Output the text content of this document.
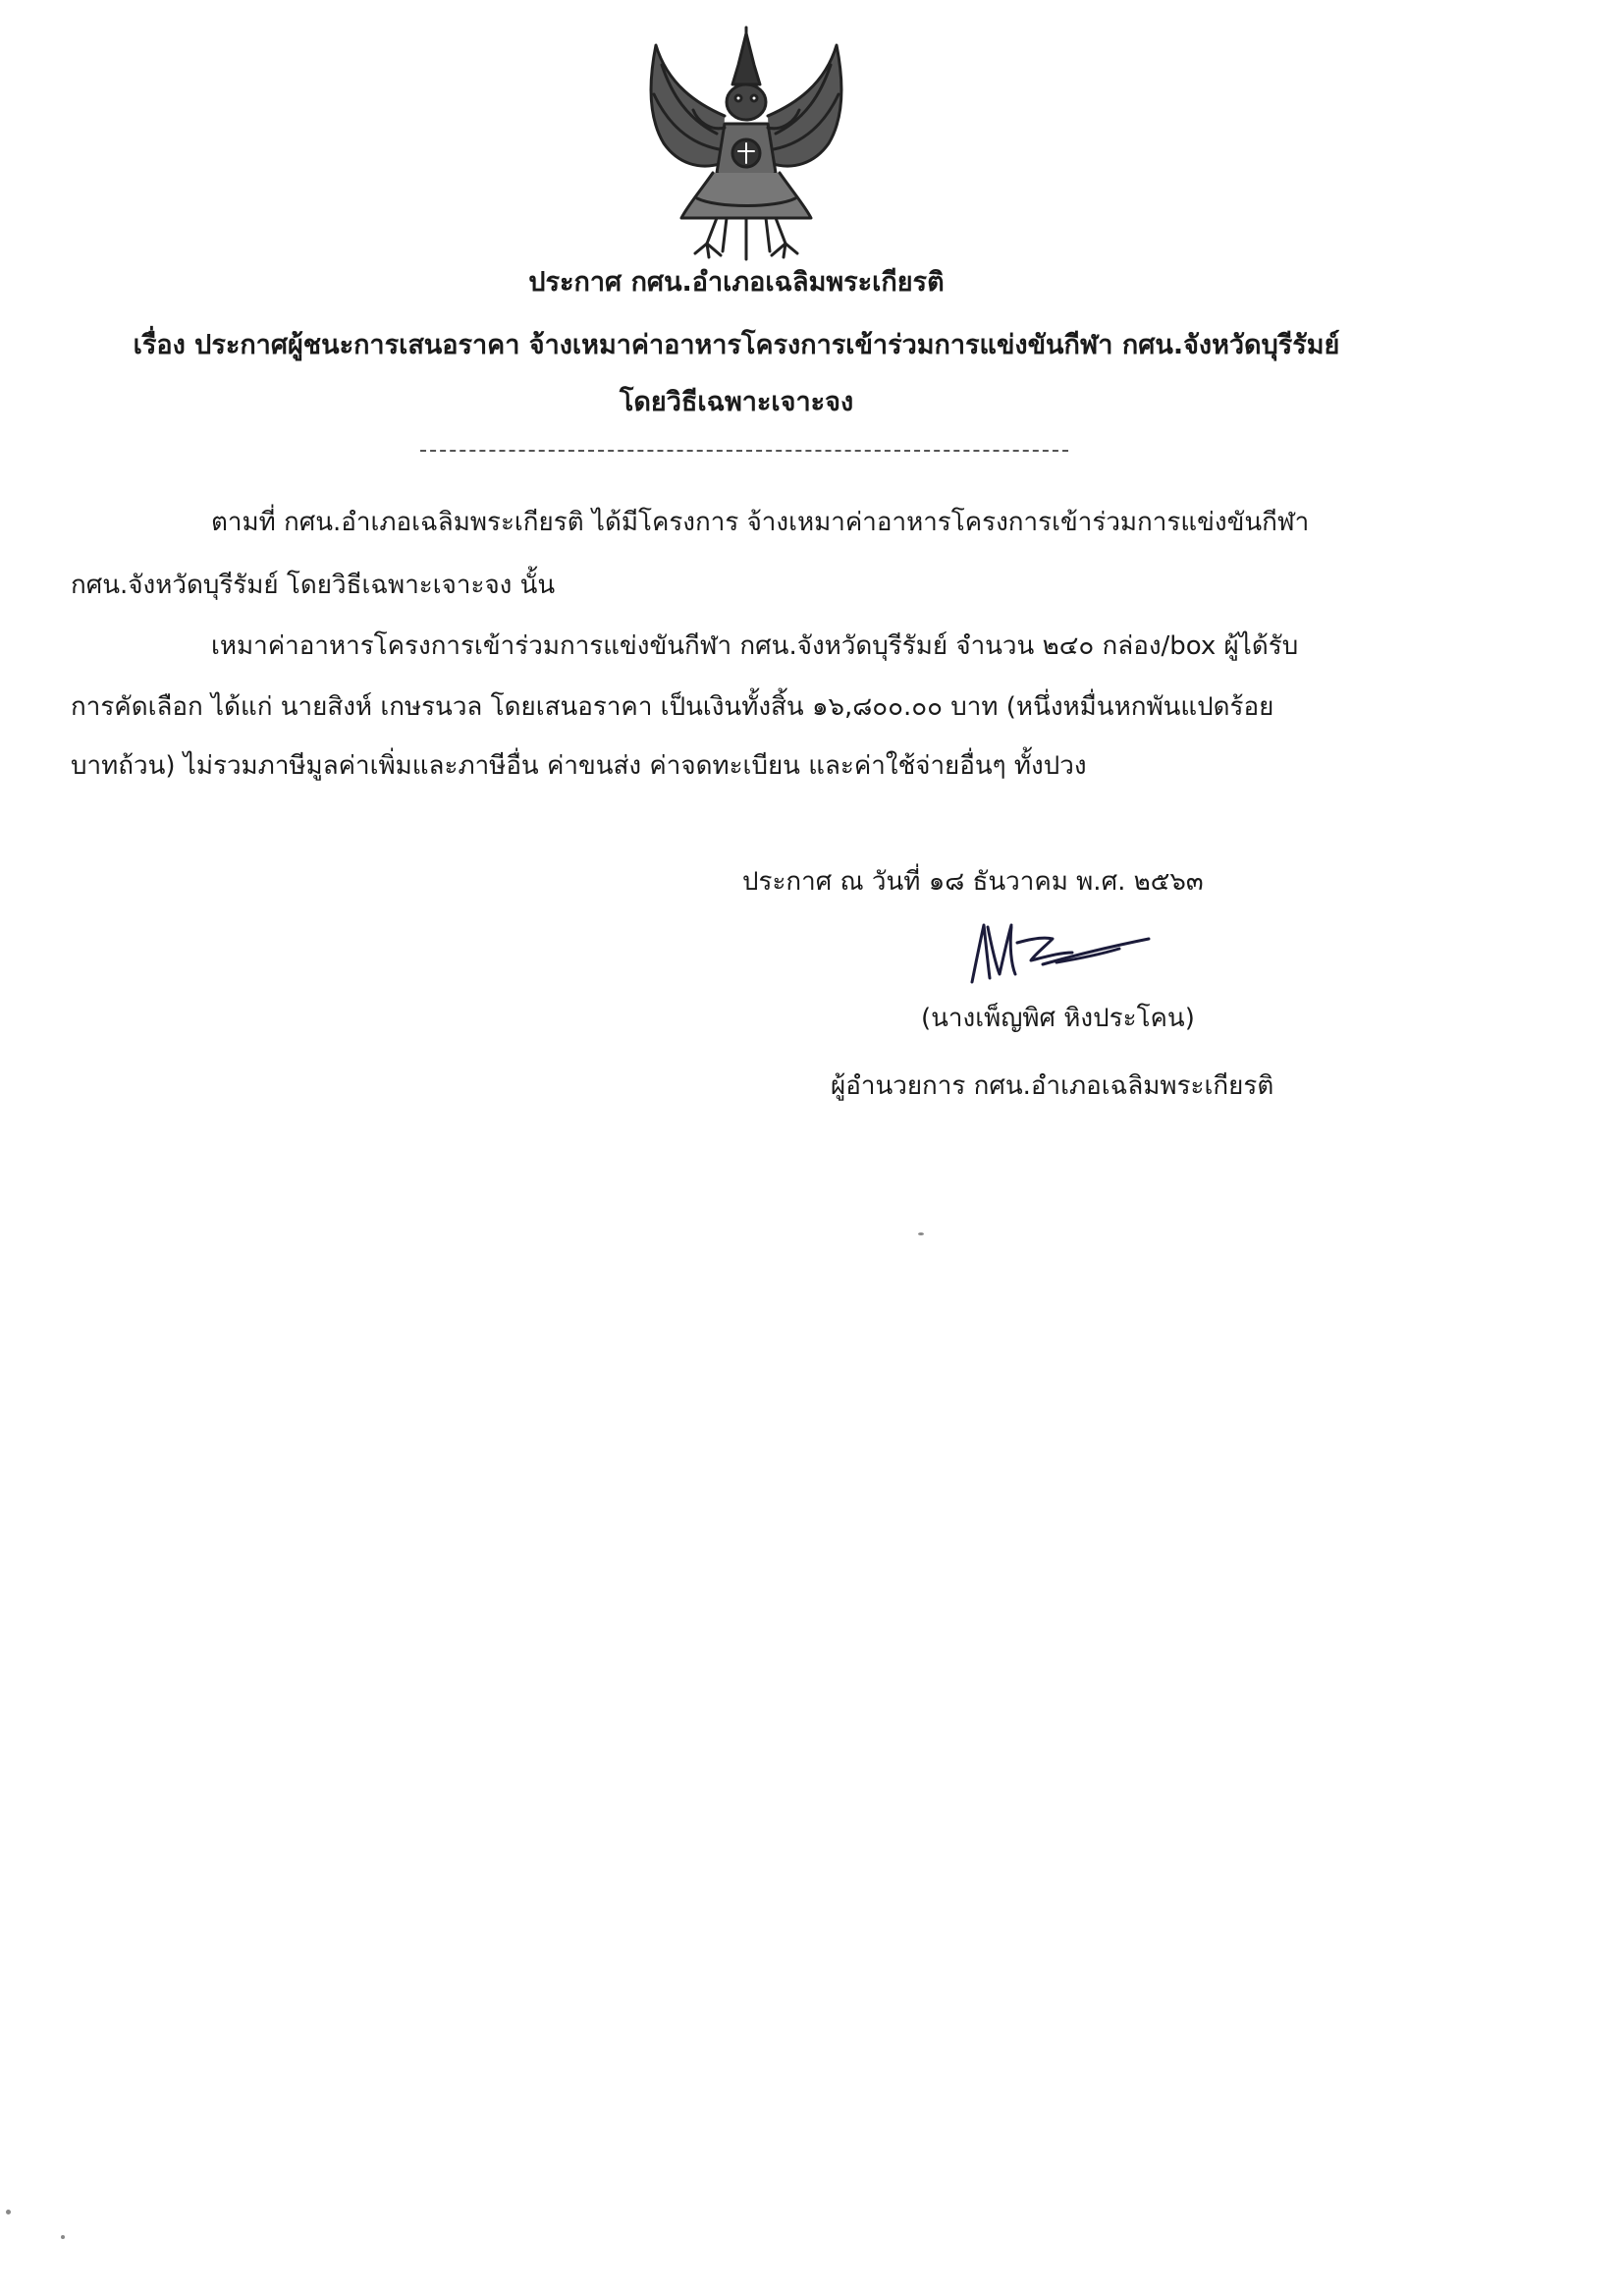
ประกาศ กศน.อำเภอเฉลิมพระเกียรติ
เรื่อง ประกาศผู้ชนะการเสนอราคา จ้างเหมาค่าอาหารโครงการเข้าร่วมการแข่งขันกีฬา กศน.จังหวัดบุรีรัมย์
โดยวิธีเฉพาะเจาะจง
ตามที่ กศน.อำเภอเฉลิมพระเกียรติ ได้มีโครงการ จ้างเหมาค่าอาหารโครงการเข้าร่วมการแข่งขันกีฬา
กศน.จังหวัดบุรีรัมย์ โดยวิธีเฉพาะเจาะจง นั้น
เหมาค่าอาหารโครงการเข้าร่วมการแข่งขันกีฬา กศน.จังหวัดบุรีรัมย์ จำนวน ๒๔๐ กล่อง/box ผู้ได้รับ
การคัดเลือก ได้แก่ นายสิงห์ เกษรนวล โดยเสนอราคา เป็นเงินทั้งสิ้น ๑๖,๘๐๐.๐๐ บาท (หนึ่งหมื่นหกพันแปดร้อย
บาทถ้วน) ไม่รวมภาษีมูลค่าเพิ่มและภาษีอื่น ค่าขนส่ง ค่าจดทะเบียน และค่าใช้จ่ายอื่นๆ ทั้งปวง
ประกาศ ณ วันที่ ๑๘ ธันวาคม พ.ศ. ๒๕๖๓
(นางเพ็ญพิศ หิงประโคน)
ผู้อำนวยการ กศน.อำเภอเฉลิมพระเกียรติ
